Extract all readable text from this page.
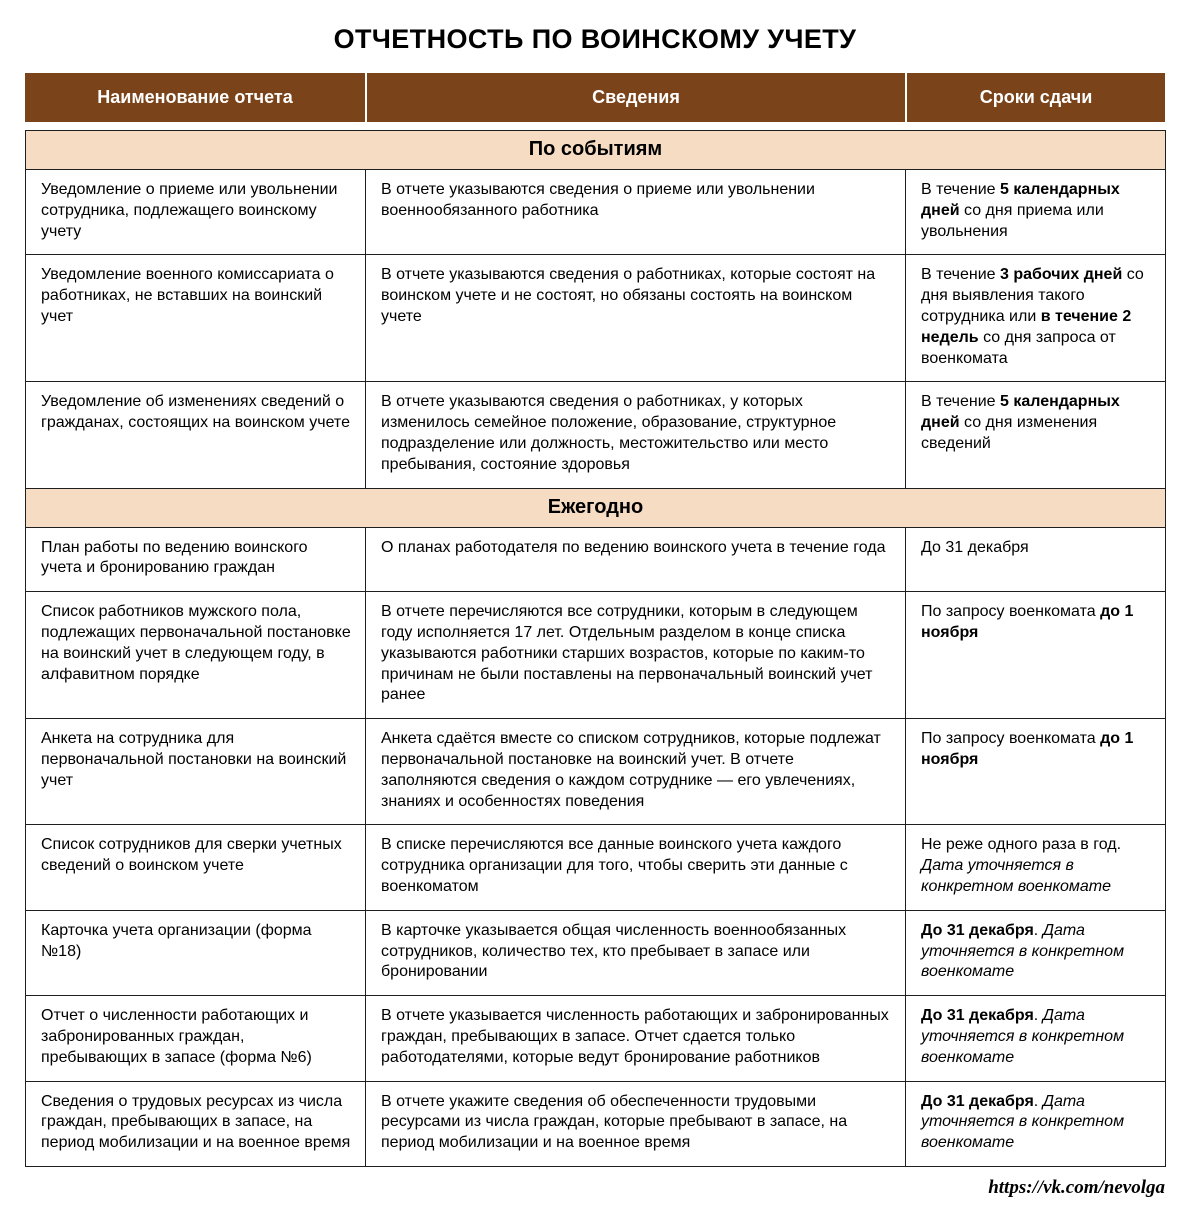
ОТЧЕТНОСТЬ ПО ВОИНСКОМУ УЧЕТУ
Наименование отчета	Сведения	Сроки сдачи
По событиям		
Уведомление о приеме или увольнении сотрудника, подлежащего воинскому учету	В отчете указываются сведения о приеме или увольнении военнообязанного работника	В течение 5 календарных дней со дня приема или увольнения
Уведомление военного комиссариата о работниках, не вставших на воинский учет	В отчете указываются сведения о работниках, которые состоят на воинском учете и не состоят, но обязаны состоять на воинском учете	В течение 3 рабочих дней со дня выявления такого сотрудника или в течение 2 недель со дня запроса от военкомата
Уведомление об изменениях сведений о гражданах, состоящих на воинском учете	В отчете указываются сведения о работниках, у которых изменилось семейное положение, образование, структурное подразделение или должность, местожительство или место пребывания, состояние здоровья	В течение 5 календарных дней со дня изменения сведений
Ежегодно		
План работы по ведению воинского учета и бронированию граждан	О планах работодателя по ведению воинского учета в течение года	До 31 декабря
Список работников мужского пола, подлежащих первоначальной постановке на воинский учет в следующем году, в алфавитном порядке	В отчете перечисляются все сотрудники, которым в следующем году исполняется 17 лет. Отдельным разделом в конце списка указываются работники старших возрастов, которые по каким-то причинам не были поставлены на первоначальный воинский учет ранее	По запросу военкомата до 1 ноября
Анкета на сотрудника для первоначальной постановки на воинский учет	Анкета сдаётся вместе со списком сотрудников, которые подлежат первоначальной постановке на воинский учет. В отчете заполняются сведения о каждом сотруднике — его увлечениях, знаниях и особенностях поведения	По запросу военкомата до 1 ноября
Список сотрудников для сверки учетных сведений о воинском учете	В списке перечисляются все данные воинского учета каждого сотрудника организации для того, чтобы сверить эти данные с военкоматом	Не реже одного раза в год. Дата уточняется в конкретном военкомате
Карточка учета организации (форма №18)	В карточке указывается общая численность военнообязанных сотрудников, количество тех, кто пребывает в запасе или бронировании	До 31 декабря. Дата уточняется в конкретном военкомате
Отчет о численности работающих и забронированных граждан, пребывающих в запасе (форма №6)	В отчете указывается численность работающих и забронированных граждан, пребывающих в запасе. Отчет сдается только работодателями, которые ведут бронирование работников	До 31 декабря. Дата уточняется в конкретном военкомате
Сведения о трудовых ресурсах из числа граждан, пребывающих в запасе, на период мобилизации и на военное время	В отчете укажите сведения об обеспеченности трудовыми ресурсами из числа граждан, которые пребывают в запасе, на период мобилизации и на военное время	До 31 декабря. Дата уточняется в конкретном военкомате
https://vk.com/nevolga
